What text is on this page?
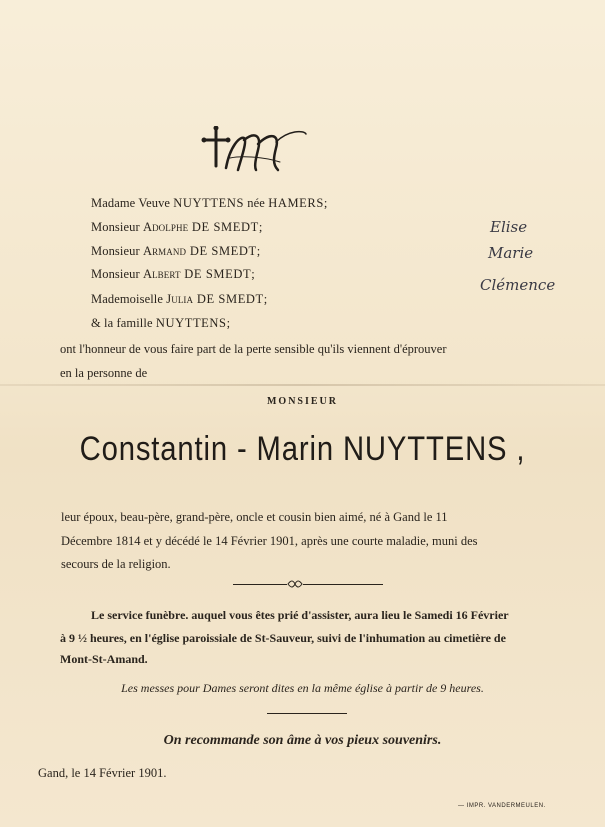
M
Madame Veuve NUYTTENS née HAMERS;
Monsieur Adolphe DE SMEDT;
Monsieur Armand DE SMEDT;
Monsieur Albert DE SMEDT;
Mademoiselle Julia DE SMEDT;
& la famille NUYTTENS;
Elise
Marie
Clémence
ont l'honneur de vous faire part de la perte sensible qu'ils viennent d'éprouver
en la personne de
MONSIEUR
Constantin - Marin NUYTTENS ,
leur époux, beau-père, grand-père, oncle et cousin bien aimé, né à Gand le 11
Décembre 1814 et y décédé le 14 Février 1901, après une courte maladie, muni des
secours de la religion.
Le service funèbre. auquel vous êtes prié d'assister, aura lieu le Samedi 16 Février
à 9 ½ heures, en l'église paroissiale de St-Sauveur, suivi de l'inhumation au cimetière de
Mont-St-Amand.
Les messes pour Dames seront dites en la même église à partir de 9 heures.
On recommande son âme à vos pieux souvenirs.
Gand, le 14 Février 1901.
— IMPR. VANDERMEULEN.
